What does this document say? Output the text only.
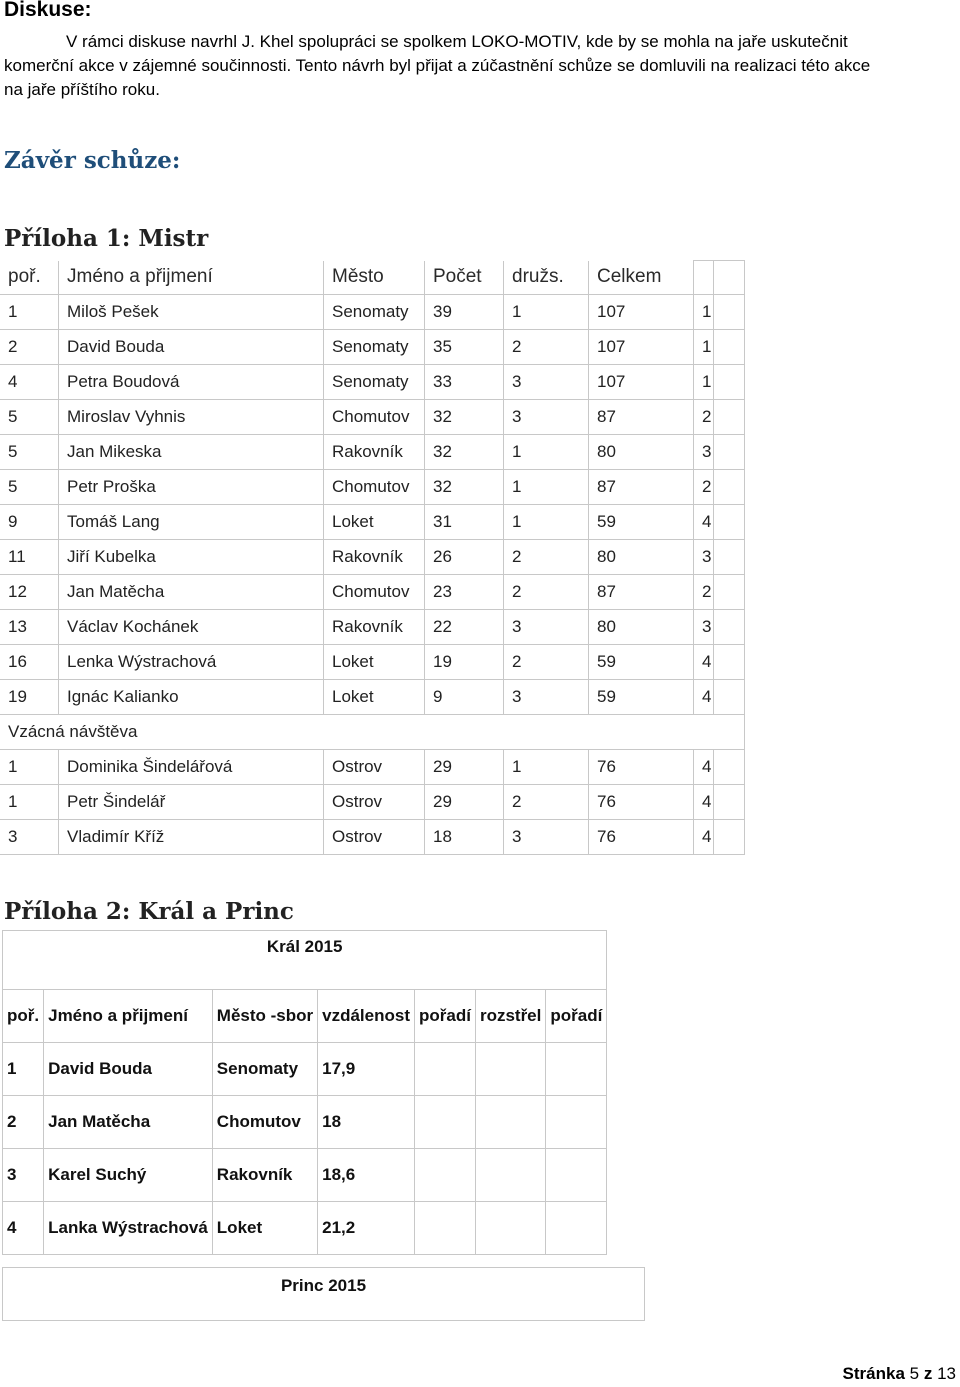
Diskuse:

V rámci diskuse navrhl J. Khel spolupráci se spolkem LOKO-MOTIV, kde by se mohla na jaře uskutečnit
komerční akce v zájemné součinnosti. Tento návrh byl přijat a zúčastnění schůze se domluvili na realizaci této akce
na jaře příštího roku.

Závěr schůze:
Příloha 1: Mistr
poř.	Jméno a přijmení	Město	Počet	družs.	Celkem		
1	Miloš Pešek	Senomaty	39	1	107	1	
2	David Bouda	Senomaty	35	2	107	1	
4	Petra Boudová	Senomaty	33	3	107	1	
5	Miroslav Vyhnis	Chomutov	32	3	87	2	
5	Jan Mikeska	Rakovník	32	1	80	3	
5	Petr Proška	Chomutov	32	1	87	2	
9	Tomáš Lang	Loket	31	1	59	4	
11	Jiří Kubelka	Rakovník	26	2	80	3	
12	Jan Matěcha	Chomutov	23	2	87	2	
13	Václav Kochánek	Rakovník	22	3	80	3	
16	Lenka Wýstrachová	Loket	19	2	59	4	
19	Ignác Kalianko	Loket	9	3	59	4	
Vzácná návštěva							
1	Dominika Šindelářová	Ostrov	29	1	76	4	
1	Petr Šindelář	Ostrov	29	2	76	4	
3	Vladimír Kříž	Ostrov	18	3	76	4	
Příloha 2: Král a Princ
Král 2015						
poř.	Jméno a přijmení	Město -sbor	vzdálenost	pořadí	rozstřel	pořadí
1	David Bouda	Senomaty	17,9			
2	Jan Matěcha	Chomutov	18			
3	Karel Suchý	Rakovník	18,6			
4	Lanka Wýstrachová	Loket	21,2			
Princ 2015
Stránka 5 z 13
